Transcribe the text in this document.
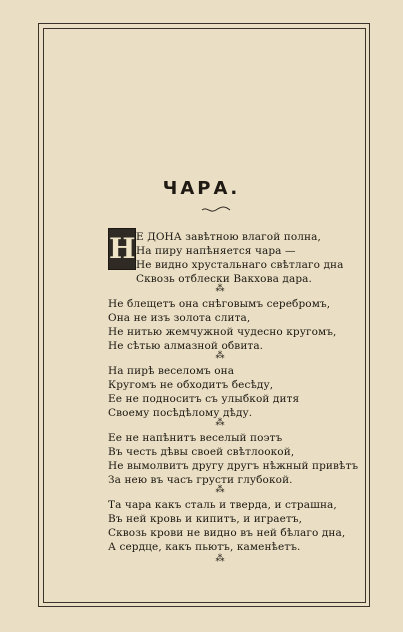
ЧАРА.
Н Е ДОНА завѣтною влагой полна,
На пиру напѣняется чара —
Не видно хрустальнаго свѣтлаго дна
Сквозь отблески Вакхова дара.
⁂
Не блещетъ она снѣговымъ серебромъ,
Она не изъ золота слита,
Не нитью жемчужной чудесно кругомъ,
Не сѣтью алмазной обвита.
⁂
На пирѣ веселомъ она
Кругомъ не обходитъ бесѣду,
Ее не подноситъ съ улыбкой дитя
Своему посѣдѣлому дѣду.
⁂
Ее не напѣнитъ веселый поэтъ
Въ честь дѣвы своей свѣтлоокой,
Не вымолвитъ другу другъ нѣжный привѣтъ
За нею въ часъ грусти глубокой.
⁂
Та чара какъ сталь и тверда, и страшна,
Въ ней кровь и кипитъ, и играетъ,
Сквозь крови не видно въ ней бѣлаго дна,
А сердце, какъ пьютъ, каменѣетъ.
⁂
